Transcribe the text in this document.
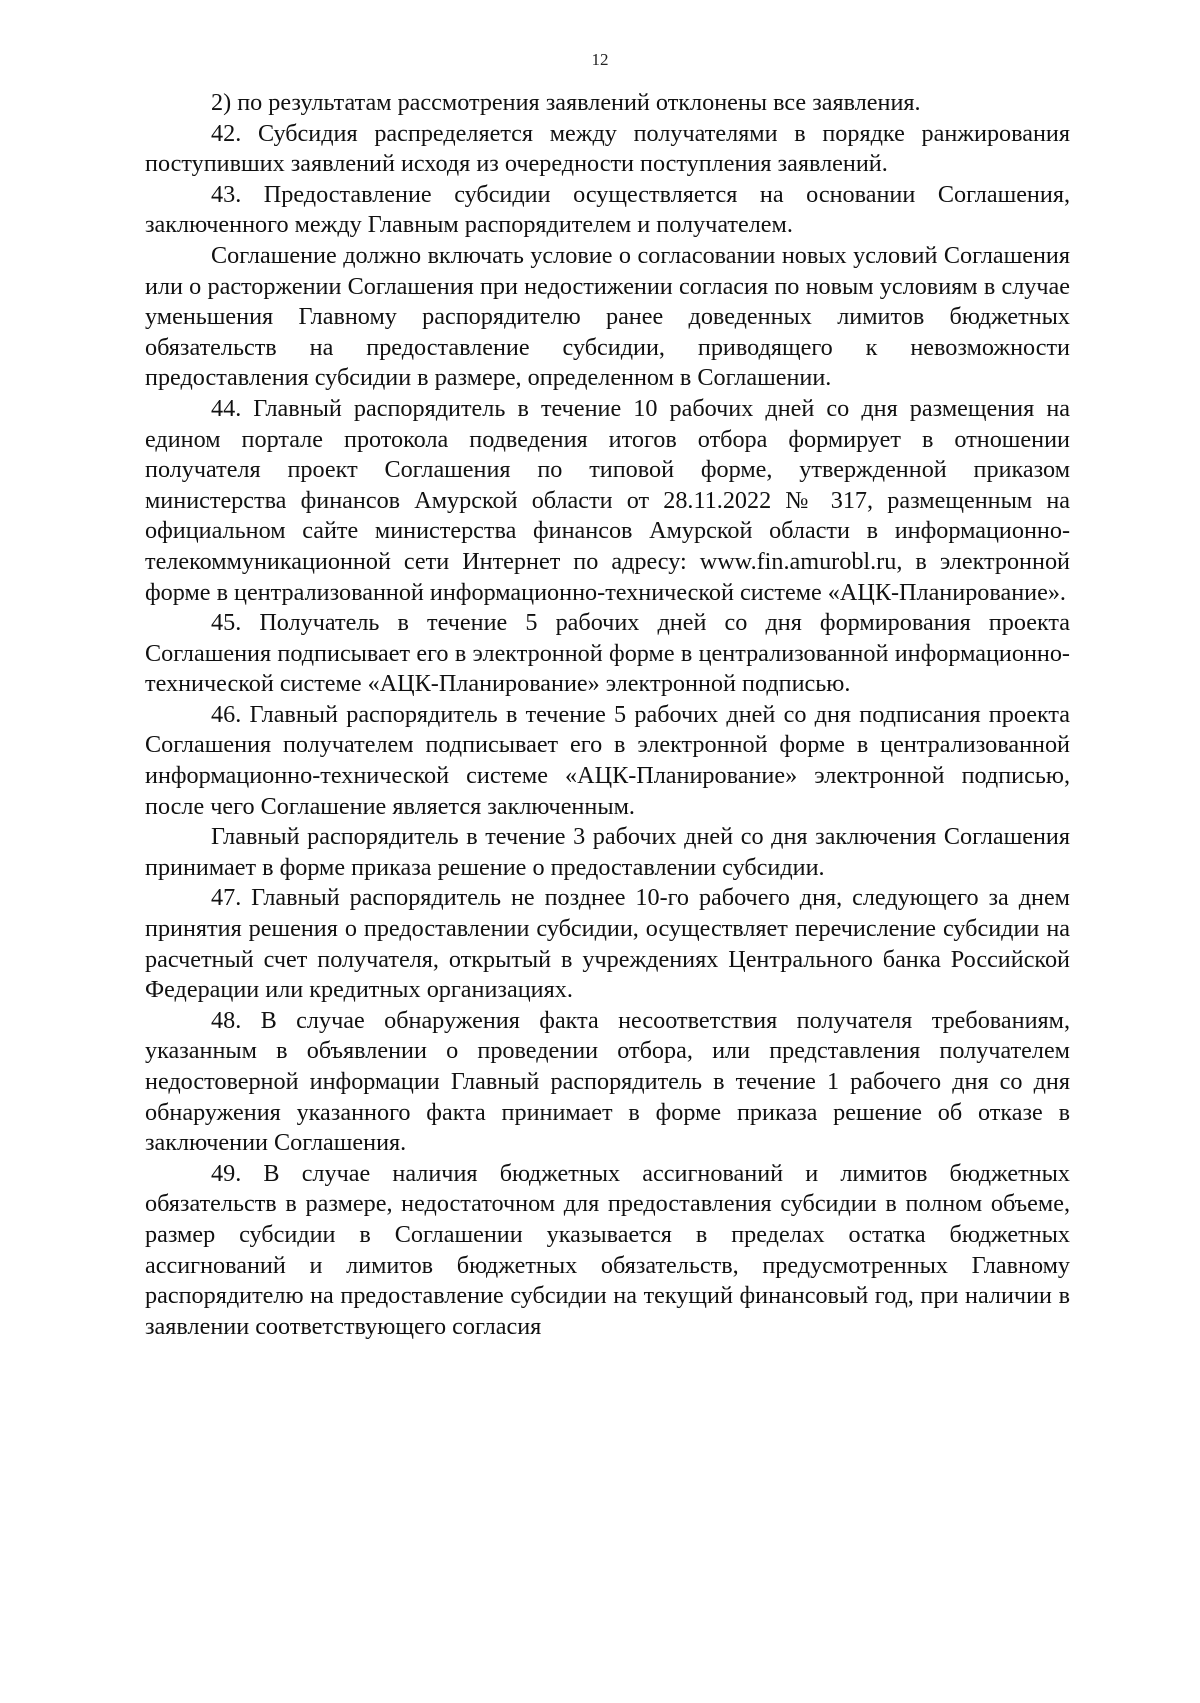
12

2) по результатам рассмотрения заявлений отклонены все заявления.

42. Субсидия распределяется между получателями в порядке ранжирования поступивших заявлений исходя из очередности поступления заявлений.

43. Предоставление субсидии осуществляется на основании Соглашения, заключенного между Главным распорядителем и получателем.

Соглашение должно включать условие о согласовании новых условий Соглашения или о расторжении Соглашения при недостижении согласия по новым условиям в случае уменьшения Главному распорядителю ранее доведенных лимитов бюджетных обязательств на предоставление субсидии, приводящего к невозможности предоставления субсидии в размере, определенном в Соглашении.

44. Главный распорядитель в течение 10 рабочих дней со дня размещения на едином портале протокола подведения итогов отбора формирует в отношении получателя проект Соглашения по типовой форме, утвержденной приказом министерства финансов Амурской области от 28.11.2022 № 317, размещенным на официальном сайте министерства финансов Амурской области в информационно-телекоммуникационной сети Интернет по адресу: www.fin.amurobl.ru, в электронной форме в централизованной информационно-технической системе «АЦК-Планирование».

45. Получатель в течение 5 рабочих дней со дня формирования проекта Соглашения подписывает его в электронной форме в централизованной информационно-технической системе «АЦК-Планирование» электронной подписью.

46. Главный распорядитель в течение 5 рабочих дней со дня подписания проекта Соглашения получателем подписывает его в электронной форме в централизованной информационно-технической системе «АЦК-Планирование» электронной подписью, после чего Соглашение является заключенным.

Главный распорядитель в течение 3 рабочих дней со дня заключения Соглашения принимает в форме приказа решение о предоставлении субсидии.

47. Главный распорядитель не позднее 10-го рабочего дня, следующего за днем принятия решения о предоставлении субсидии, осуществляет перечисление субсидии на расчетный счет получателя, открытый в учреждениях Центрального банка Российской Федерации или кредитных организациях.

48. В случае обнаружения факта несоответствия получателя требованиям, указанным в объявлении о проведении отбора, или представления получателем недостоверной информации Главный распорядитель в течение 1 рабочего дня со дня обнаружения указанного факта принимает в форме приказа решение об отказе в заключении Соглашения.

49. В случае наличия бюджетных ассигнований и лимитов бюджетных обязательств в размере, недостаточном для предоставления субсидии в полном объеме, размер субсидии в Соглашении указывается в пределах остатка бюджетных ассигнований и лимитов бюджетных обязательств, предусмотренных Главному распорядителю на предоставление субсидии на текущий финансовый год, при наличии в заявлении соответствующего согласия
